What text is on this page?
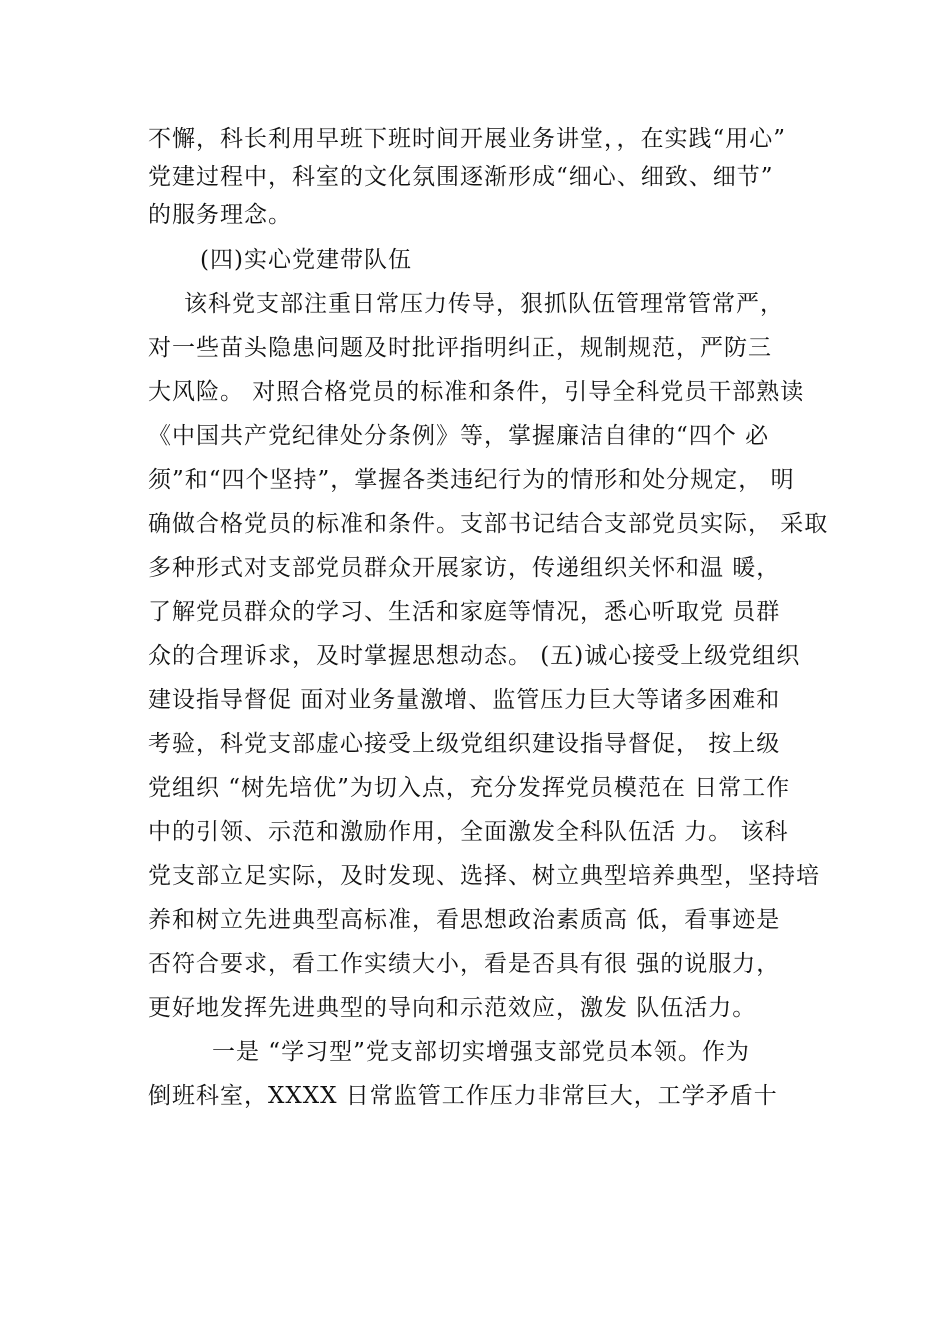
不懈，科长利用早班下班时间开展业务讲堂，，在实践“用心”
党建过程中，科室的文化氛围逐渐形成“细心、细致、细节”
的服务理念。
(四)实心党建带队伍
该科党支部注重日常压力传导，狠抓队伍管理常管常严，
对一些苗头隐患问题及时批评指明纠正，规制规范，严防三
大风险。 对照合格党员的标准和条件，引导全科党员干部熟读
《中国共产党纪律处分条例》等，掌握廉洁自律的“四个 必
须”和“四个坚持”，掌握各类违纪行为的情形和处分规定， 明
确做合格党员的标准和条件。支部书记结合支部党员实际， 采取
多种形式对支部党员群众开展家访，传递组织关怀和温 暖，
了解党员群众的学习、生活和家庭等情况，悉心听取党 员群
众的合理诉求，及时掌握思想动态。 (五)诚心接受上级党组织
建设指导督促 面对业务量激增、监管压力巨大等诸多困难和
考验，科党支部虚心接受上级党组织建设指导督促， 按上级
党组织 “树先培优”为切入点，充分发挥党员模范在 日常工作
中的引领、示范和激励作用，全面激发全科队伍活 力。 该科
党支部立足实际，及时发现、选择、树立典型培养典型，坚持培
养和树立先进典型高标准，看思想政治素质高 低，看事迹是
否符合要求，看工作实绩大小，看是否具有很 强的说服力，
更好地发挥先进典型的导向和示范效应，激发 队伍活力。
一是 “学习型”党支部切实增强支部党员本领。作为
倒班科室，XXXX 日常监管工作压力非常巨大，工学矛盾十
